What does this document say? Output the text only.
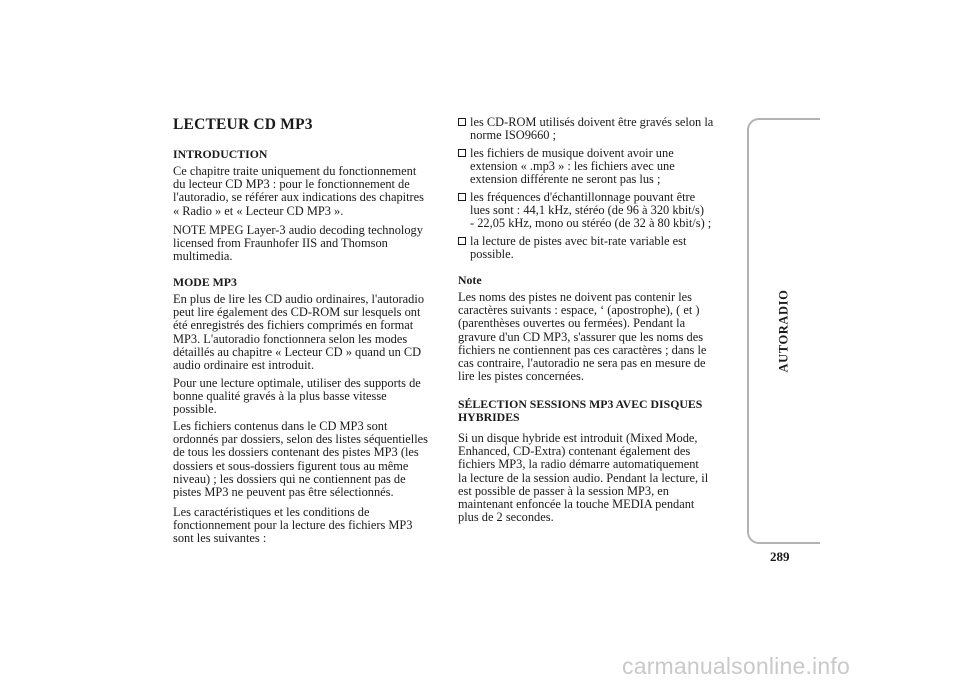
LECTEUR CD MP3
INTRODUCTION

Ce chapitre traite uniquement du fonctionnement

du lecteur CD MP3 : pour le fonctionnement de

l'autoradio, se référer aux indications des chapitres

« Radio » et « Lecteur CD MP3 ».

NOTE MPEG Layer-3 audio decoding technology

licensed from Fraunhofer IIS and Thomson

multimedia.

MODE MP3

En plus de lire les CD audio ordinaires, l'autoradio

peut lire également des CD-ROM sur lesquels ont

été enregistrés des fichiers comprimés en format

MP3. L'autoradio fonctionnera selon les modes

détaillés au chapitre « Lecteur CD » quand un CD

audio ordinaire est introduit.

Pour une lecture optimale, utiliser des supports de

bonne qualité gravés à la plus basse vitesse

possible.

Les fichiers contenus dans le CD MP3 sont

ordonnés par dossiers, selon des listes séquentielles

de tous les dossiers contenant des pistes MP3 (les

dossiers et sous-dossiers figurent tous au même

niveau) ; les dossiers qui ne contiennent pas de

pistes MP3 ne peuvent pas être sélectionnés.

Les caractéristiques et les conditions de

fonctionnement pour la lecture des fichiers MP3

sont les suivantes :

les CD-ROM utilisés doivent être gravés selon la

norme ISO9660 ;

les fichiers de musique doivent avoir une

extension « .mp3 » : les fichiers avec une

extension différente ne seront pas lus ;

les fréquences d'échantillonnage pouvant être

lues sont : 44,1 kHz, stéréo (de 96 à 320 kbit/s)

- 22,05 kHz, mono ou stéréo (de 32 à 80 kbit/s) ;

la lecture de pistes avec bit-rate variable est

possible.

Note

Les noms des pistes ne doivent pas contenir les

caractères suivants : espace, ‘ (apostrophe), ( et )

(parenthèses ouvertes ou fermées). Pendant la

gravure d'un CD MP3, s'assurer que les noms des

fichiers ne contiennent pas ces caractères ; dans le

cas contraire, l'autoradio ne sera pas en mesure de

lire les pistes concernées.

SÉLECTION SESSIONS MP3 AVEC DISQUES
HYBRIDES

Si un disque hybride est introduit (Mixed Mode,

Enhanced, CD-Extra) contenant également des

fichiers MP3, la radio démarre automatiquement

la lecture de la session audio. Pendant la lecture, il

est possible de passer à la session MP3, en

maintenant enfoncée la touche MEDIA pendant

plus de 2 secondes.

AUTORADIO
289
carmanualsonline.info
